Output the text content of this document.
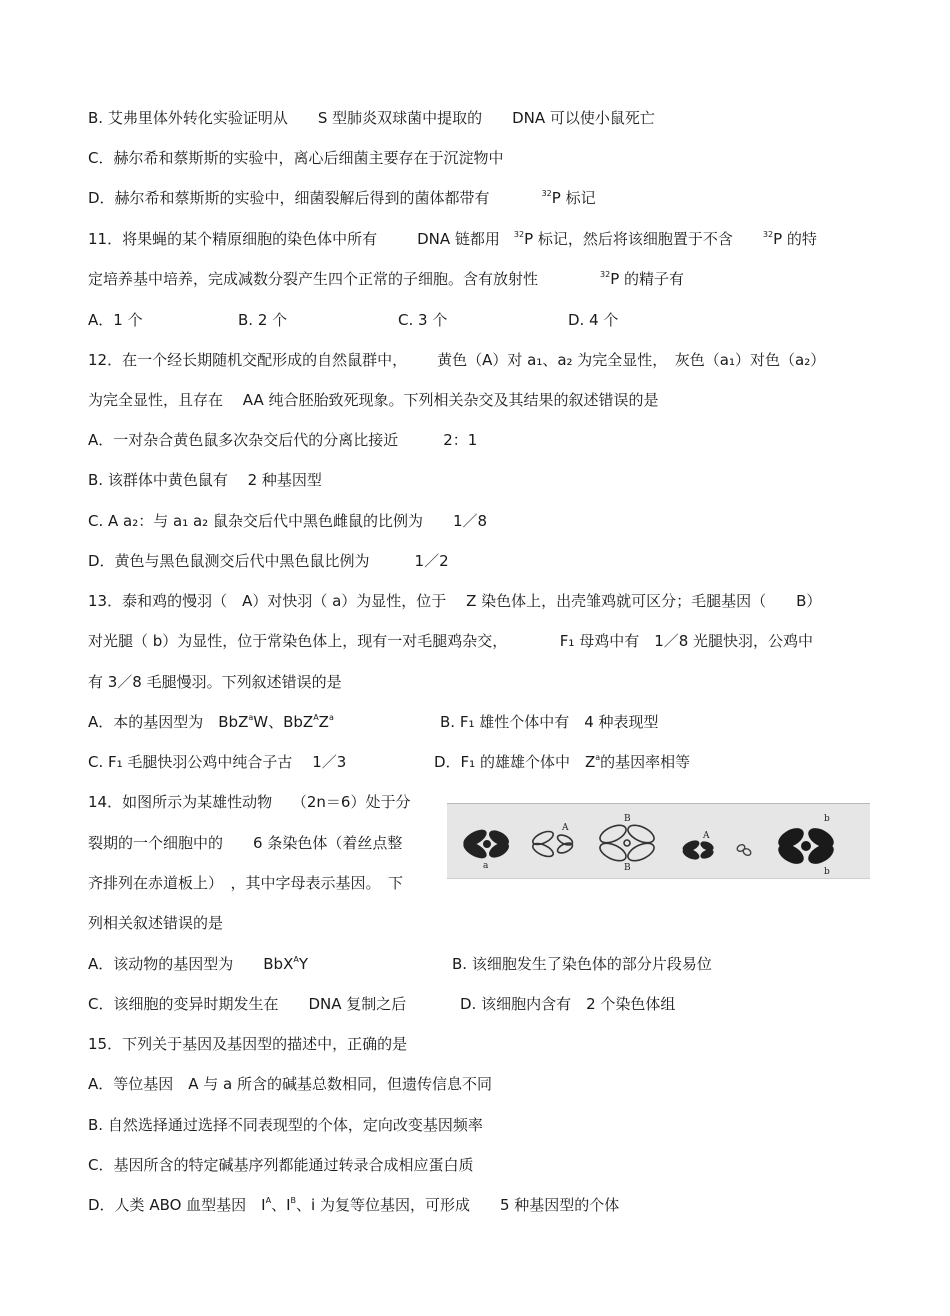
B. 艾弗里体外转化实验证明从　　S 型肺炎双球菌中提取的　　DNA 可以使小鼠死亡
C．赫尔希和蔡斯斯的实验中，离心后细菌主要存在于沉淀物中
D．赫尔希和蔡斯斯的实验中，细菌裂解后得到的菌体都带有	$^{32}$P 标记
11．将果蝇的某个精原细胞的染色体中所有	DNA 链都用 $^{32}$P 标记，然后将该细胞置于不含	$^{32}$P 的特
定培养基中培养，完成减数分裂产生四个正常的子细胞。含有放射性	$^{32}$P 的精子有
A．1 个	B. 2 个	C. 3 个	D. 4 个
12．在一个经长期随机交配形成的自然鼠群中， 黄色（A）对 a₁、a₂ 为完全显性，　灰色（a₁）对色（a₂）
为完全显性，且存在　 AA 纯合胚胎致死现象。下列相关杂交及其结果的叙述错误的是
A．一对杂合黄色鼠多次杂交后代的分离比接近　　　2：1
B. 该群体中黄色鼠有　 2 种基因型
C. A a₂：与 a₁ a₂ 鼠杂交后代中黑色雌鼠的比例为　　1／8
D．黄色与黑色鼠测交后代中黑色鼠比例为　　　1／2
13．泰和鸡的慢羽（　A）对快羽（ a）为显性，位于　 Z 染色体上，出壳雏鸡就可区分；毛腿基因（　　B）
对光腿（ b）为显性，位于常染色体上，现有一对毛腿鸡杂交，　　　　F₁ 母鸡中有　1／8 光腿快羽，公鸡中
有 3／8 毛腿慢羽。下列叙述错误的是
A．本的基因型为　BbZ$^a$W、$BbZ^AZ^a$	B. F₁ 雄性个体中有　4 种表现型
C. F₁ 毛腿快羽公鸡中纯合子古　 1／3	D．F₁ 的雄雄个体中　$Z^a$的基因率相等
14．如图所示为某雄性动物　 （2n＝6）处于分
裂期的一个细胞中的　　6 条染色体（着丝点整
齐排列在赤道板上）　，其中字母表示基因。　下
列相关叙述错误的是
a
A
B
B
A
b
b
A．该动物的基因型为　　BbX$^A$Y	B. 该细胞发生了染色体的部分片段易位
C．该细胞的变异时期发生在　　DNA 复制之后	D. 该细胞内含有　2 个染色体组
15．下列关于基因及基因型的描述中，正确的是
A．等位基因　A 与 a 所含的碱基总数相同，但遗传信息不同
B. 自然选择通过选择不同表现型的个体，定向改变基因频率
C．基因所含的特定碱基序列都能通过转录合成相应蛋白质
D．人类 ABO 血型基因　$I^A$、$I^B$、i 为复等位基因，可形成　　5 种基因型的个体
